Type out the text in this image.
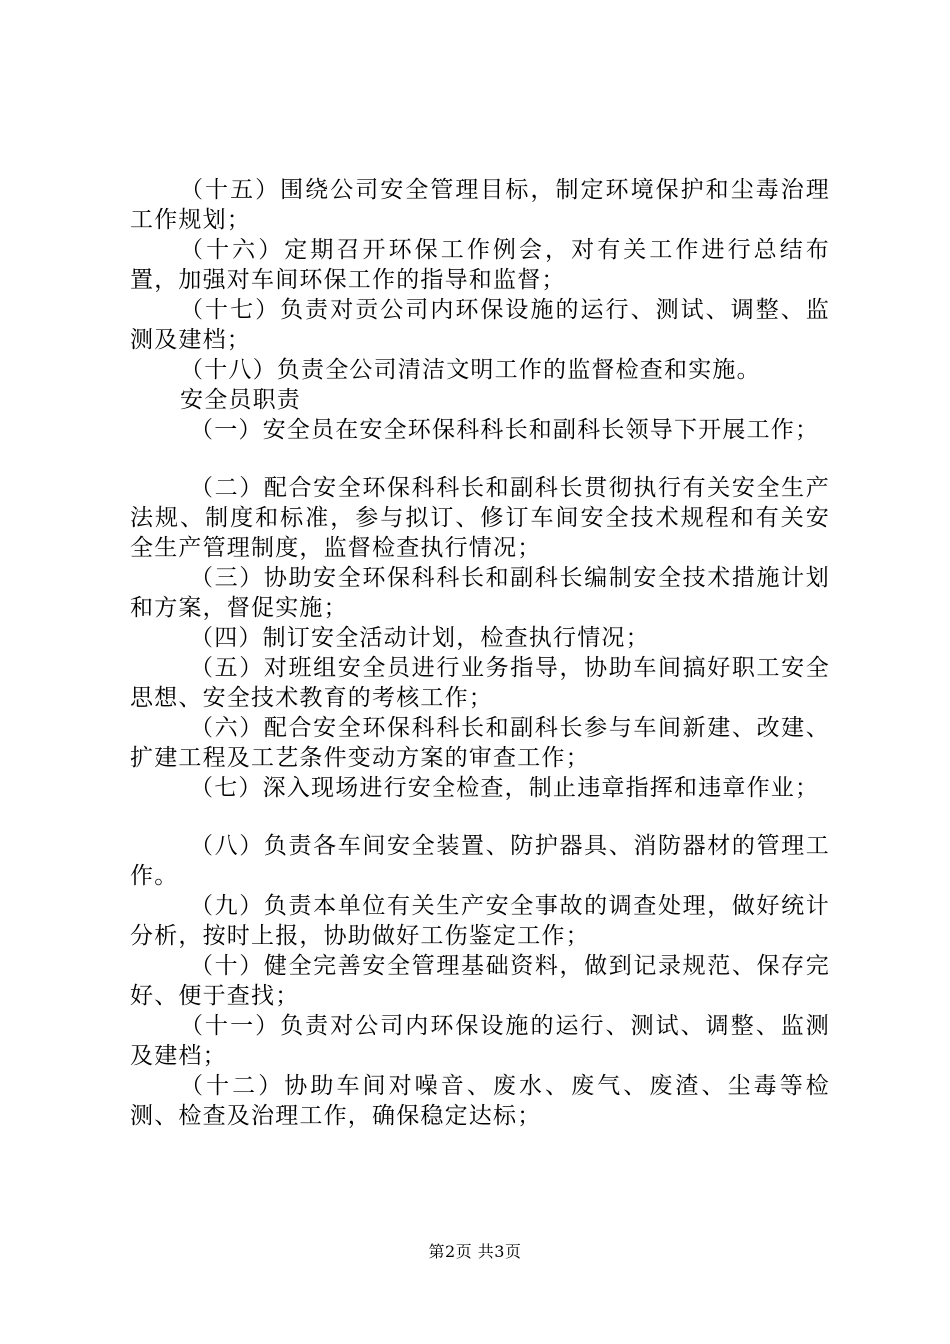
（十五）围绕公司安全管理目标，制定环境保护和尘毒治理工作规划；

（十六）定期召开环保工作例会，对有关工作进行总结布置，加强对车间环保工作的指导和监督；

（十七）负责对贡公司内环保设施的运行、测试、调整、监测及建档；

（十八）负责全公司清洁文明工作的监督检查和实施。

安全员职责

（一）安全员在安全环保科科长和副科长领导下开展工作；

（二）配合安全环保科科长和副科长贯彻执行有关安全生产法规、制度和标准，参与拟订、修订车间安全技术规程和有关安全生产管理制度，监督检查执行情况；

（三）协助安全环保科科长和副科长编制安全技术措施计划和方案，督促实施；

（四）制订安全活动计划，检查执行情况；

（五）对班组安全员进行业务指导，协助车间搞好职工安全思想、安全技术教育的考核工作；

（六）配合安全环保科科长和副科长参与车间新建、改建、扩建工程及工艺条件变动方案的审查工作；

（七）深入现场进行安全检查，制止违章指挥和违章作业；

（八）负责各车间安全装置、防护器具、消防器材的管理工作。

（九）负责本单位有关生产安全事故的调查处理，做好统计分析，按时上报，协助做好工伤鉴定工作；

（十）健全完善安全管理基础资料，做到记录规范、保存完好、便于查找；

（十一）负责对公司内环保设施的运行、测试、调整、监测及建档；

（十二）协助车间对噪音、废水、废气、废渣、尘毒等检测、检查及治理工作，确保稳定达标；

第2页 共3页
